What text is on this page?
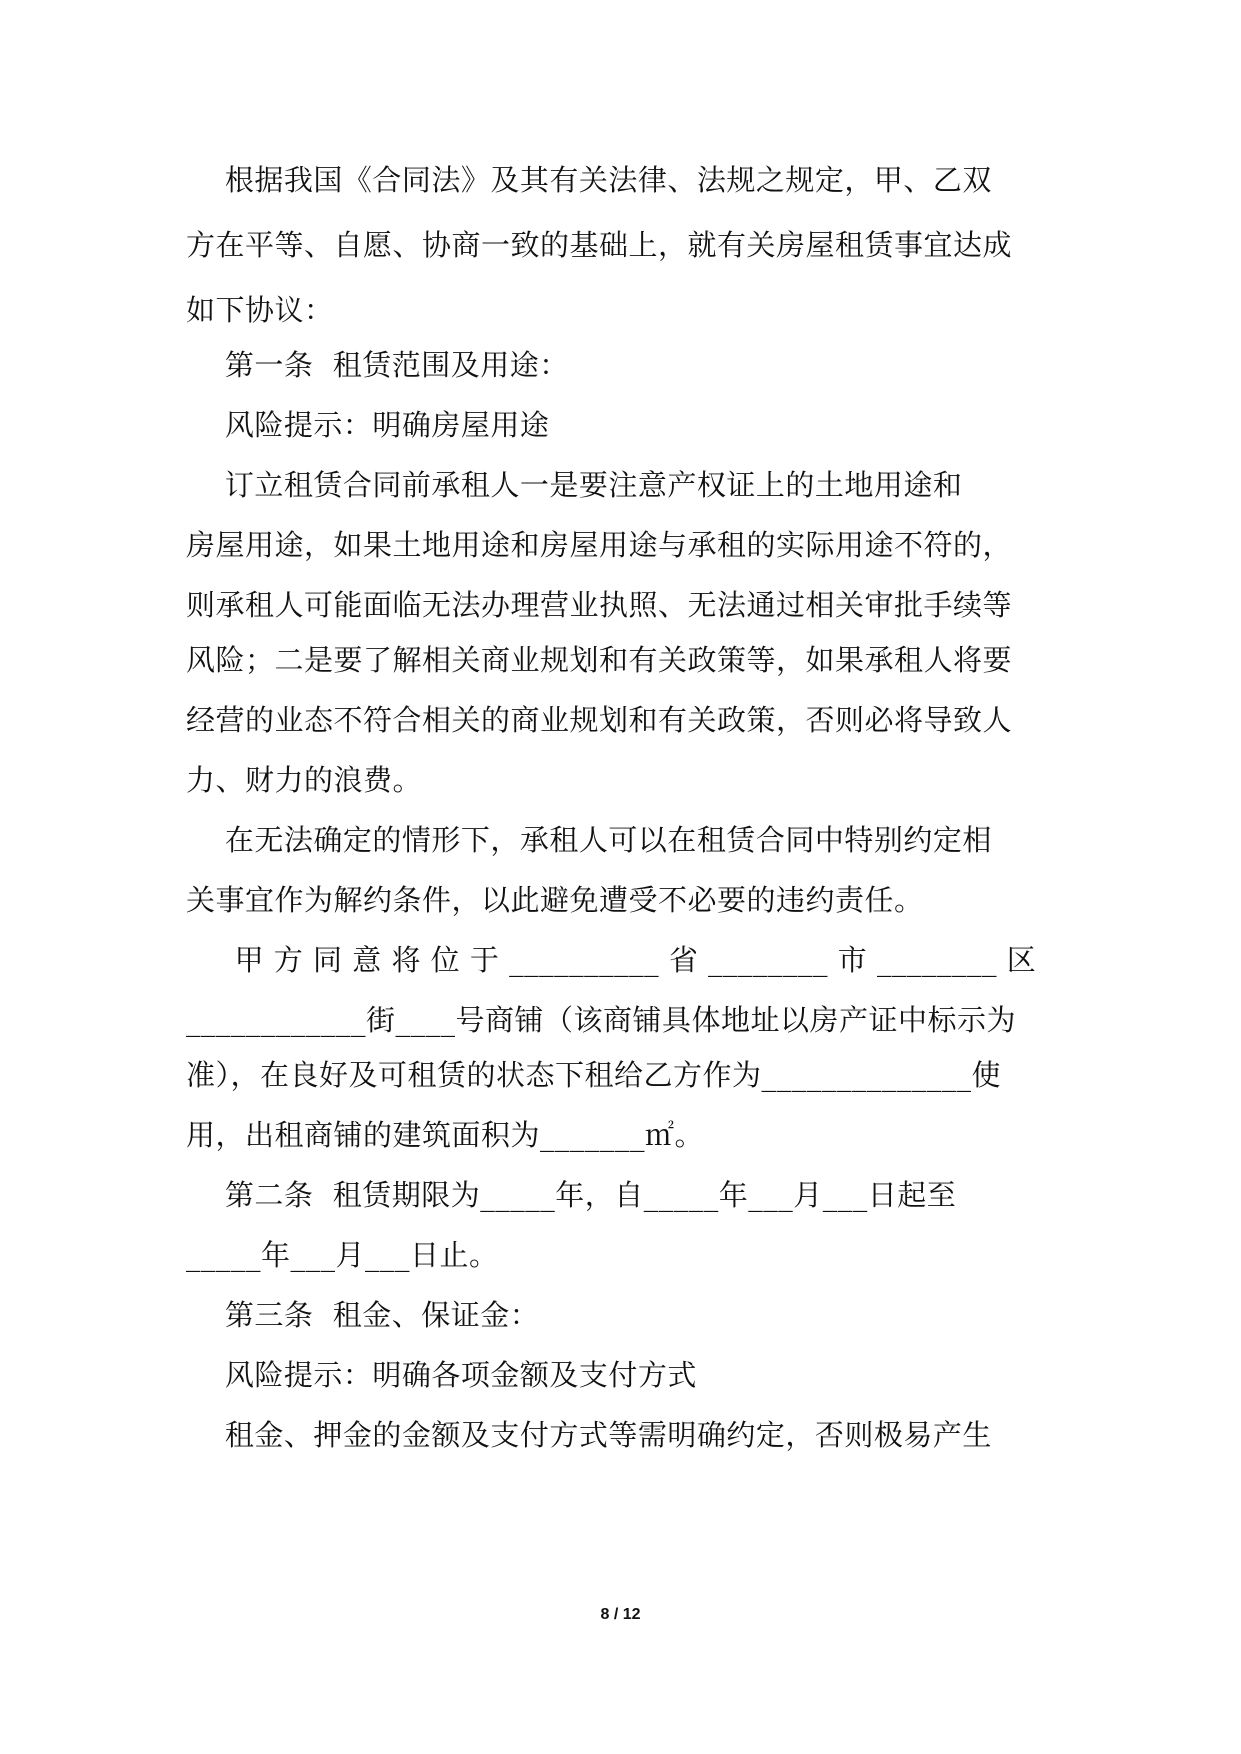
根据我国《合同法》及其有关法律、法规之规定，甲、乙双
方在平等、自愿、协商一致的基础上，就有关房屋租赁事宜达成
如下协议：
第一条  租赁范围及用途：
风险提示：明确房屋用途
订立租赁合同前承租人一是要注意产权证上的土地用途和
房屋用途，如果土地用途和房屋用途与承租的实际用途不符的，
则承租人可能面临无法办理营业执照、无法通过相关审批手续等
风险；二是要了解相关商业规划和有关政策等，如果承租人将要
经营的业态不符合相关的商业规划和有关政策，否则必将导致人
力、财力的浪费。
在无法确定的情形下，承租人可以在租赁合同中特别约定相
关事宜作为解约条件，以此避免遭受不必要的违约责任。
甲 方 同 意 将 位 于 __________ 省 ________ 市 ________ 区
____________街____号商铺（该商铺具体地址以房产证中标示为
准），在良好及可租赁的状态下租给乙方作为______________使
用，出租商铺的建筑面积为_______㎡。
第二条  租赁期限为_____年，自_____年___月___日起至
_____年___月___日止。
第三条  租金、保证金：
风险提示：明确各项金额及支付方式
租金、押金的金额及支付方式等需明确约定，否则极易产生
8 / 12
